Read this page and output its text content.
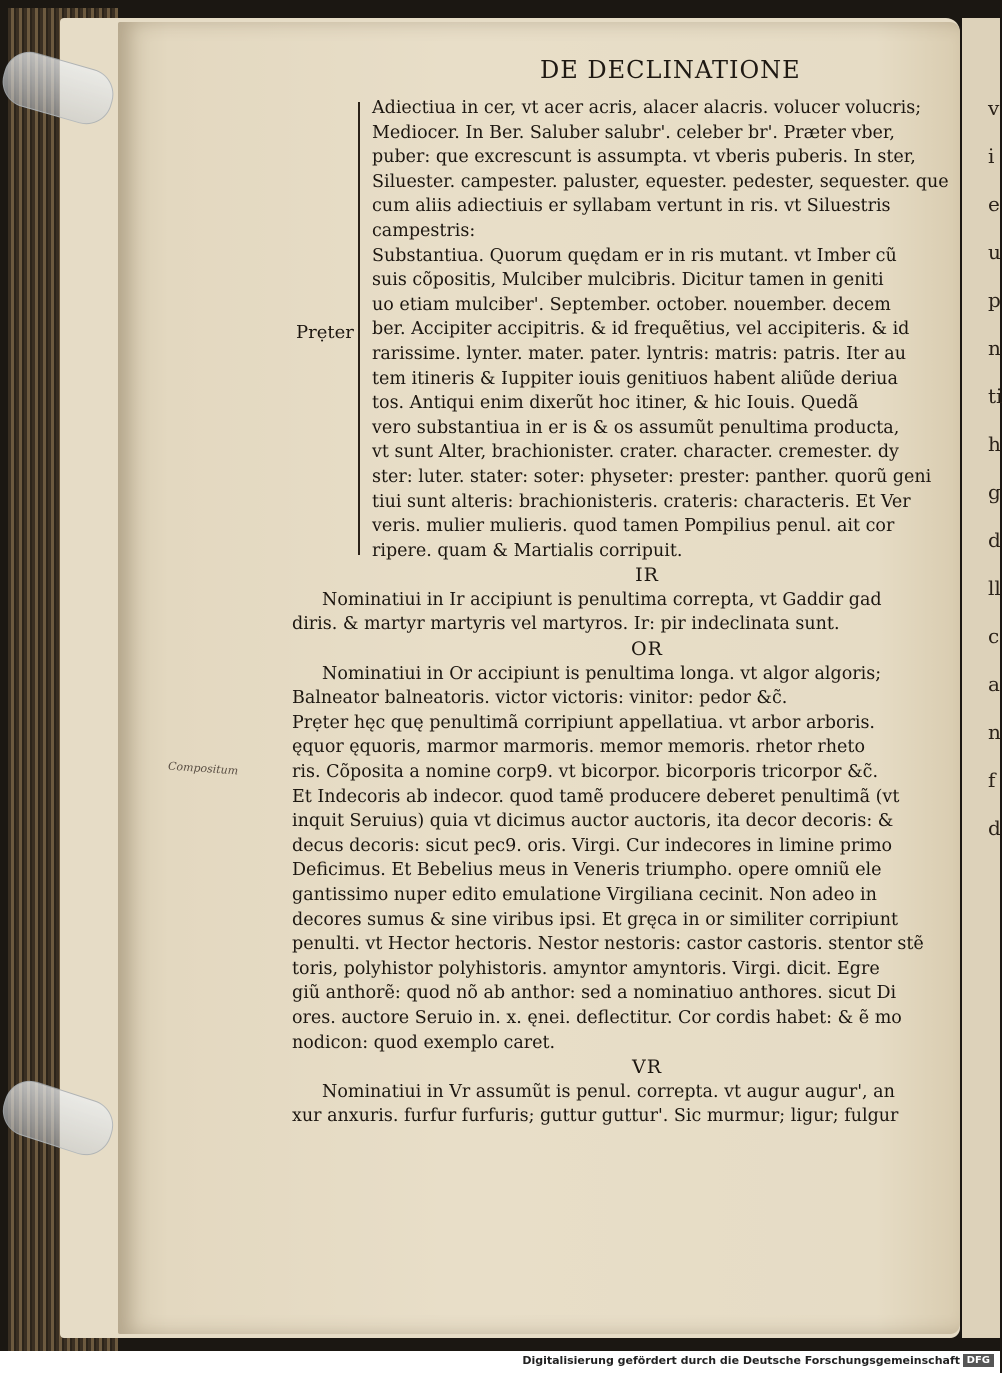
v
i
e
u
p
n
ti
h
g
d
ll
c
a
n
f
d
DE DECLINATIONE
Prẹter
Compositum
Adiectiua in cer, vt acer acris, alacer alacris. volucer volucris;
Mediocer. In Ber. Saluber salubr'. celeber br'. Præter vber,
puber: que excrescunt is assumpta. vt vberis puberis. In ster,
Siluester. campester. paluster, equester. pedester, sequester. que
cum aliis adiectiuis er syllabam vertunt in ris. vt Siluestris
campestris:
Substantiua. Quorum quędam er in ris mutant. vt Imber cũ
suis cõpositis, Mulciber mulcibris. Dicitur tamen in geniti
uo etiam mulciber'. September. october. nouember. decem
ber. Accipiter accipitris. & id frequẽtius, vel accipiteris. & id
rarissime. lynter. mater. pater. lyntris: matris: patris. Iter au
tem itineris & Iuppiter iouis genitiuos habent aliũde deriua
tos. Antiqui enim dixerũt hoc itiner, & hic Iouis. Quedã
vero substantiua in er is & os assumũt penultima producta,
vt sunt Alter, brachionister. crater. character. cremester. dy
ster: luter. stater: soter: physeter: prester: panther. quorũ geni
tiui sunt alteris: brachionisteris. crateris: characteris. Et Ver
veris. mulier mulieris. quod tamen Pompilius penul. ait cor
ripere. quam & Martialis corripuit.
IR
Nominatiui in Ir accipiunt is penultima correpta, vt Gaddir gad
diris. & martyr martyris vel martyros. Ir: pir indeclinata sunt.
OR
Nominatiui in Or accipiunt is penultima longa. vt algor algoris;
Balneator balneatoris. victor victoris: vinitor: pedor &c̃.
Prẹter hęc quę penultimã corripiunt appellatiua. vt arbor arboris.
ęquor ęquoris, marmor marmoris. memor memoris. rhetor rheto
ris. Cõposita a nomine corp9. vt bicorpor. bicorporis tricorpor &c̃.
Et Indecoris ab indecor. quod tamẽ producere deberet penultimã (vt
inquit Seruius) quia vt dicimus auctor auctoris, ita decor decoris: &
decus decoris: sicut pec9. oris. Virgi. Cur indecores in limine primo
Deficimus. Et Bebelius meus in Veneris triumpho. opere omniũ ele
gantissimo nuper edito emulatione Virgiliana cecinit. Non adeo in
decores sumus & sine viribus ipsi. Et gręca in or similiter corripiunt
penulti. vt Hector hectoris. Nestor nestoris: castor castoris. stentor stẽ
toris, polyhistor polyhistoris. amyntor amyntoris. Virgi. dicit. Egre
giũ anthorẽ: quod nõ ab anthor: sed a nominatiuo anthores. sicut Di
ores. auctore Seruio in. x. ęnei. deflectitur. Cor cordis habet: & ẽ mo
nodicon: quod exemplo caret.
VR
Nominatiui in Vr assumũt is penul. correpta. vt augur augur', an
xur anxuris. furfur furfuris; guttur guttur'. Sic murmur; ligur; fulgur
Digitalisierung gefördert durch die Deutsche Forschungsgemeinschaft DFG
